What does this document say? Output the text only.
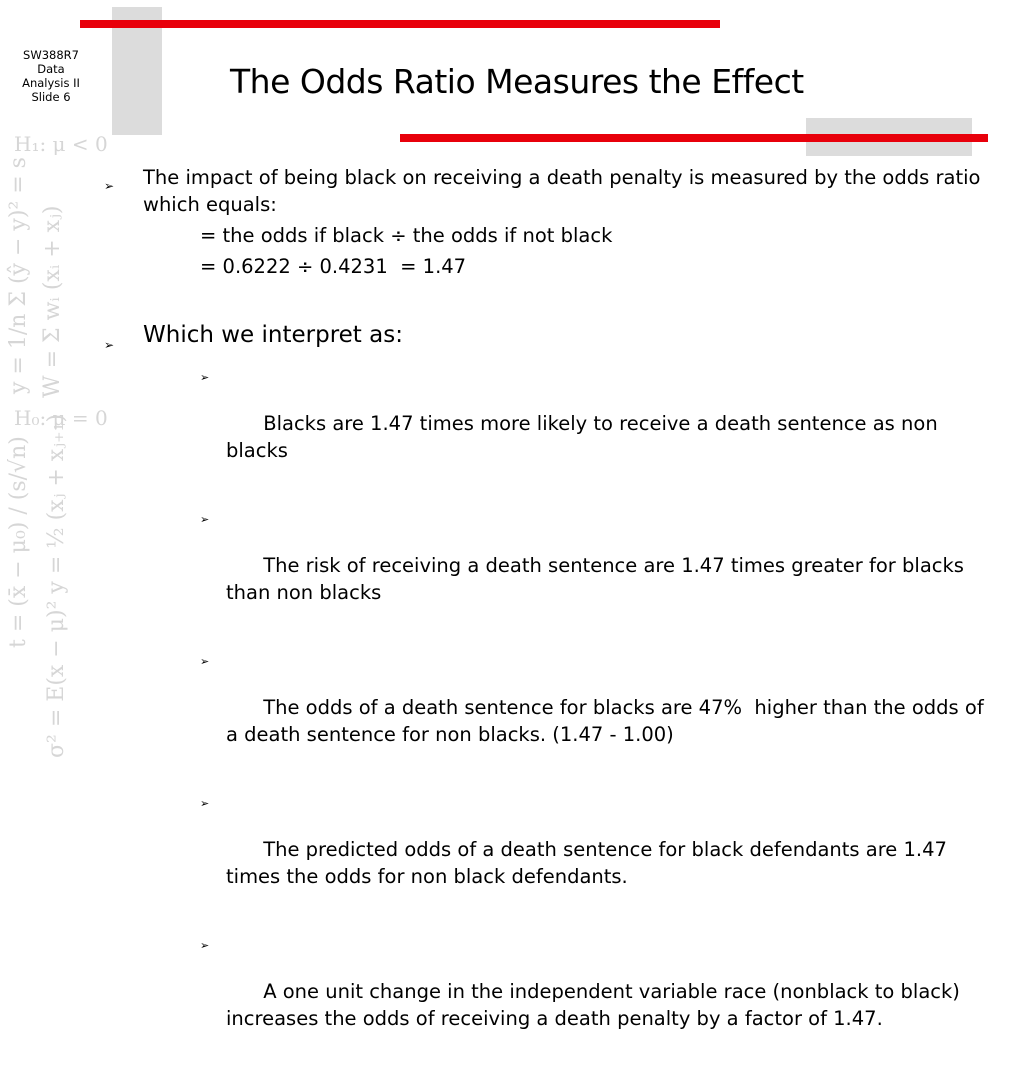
H₁: μ < 0
y = 1/n Σ (ŷ − y)² = s W = Σ wᵢ (xᵢ + xⱼ)
H₀: μ = 0
t = (x̄ − μ₀) / (s/√n) σ² = E(x − μ)² y = ½ (xⱼ + xⱼ₊₁)
SW388R7
Data
Analysis II
Slide 6	The Odds Ratio Measures the Effect
➢ The impact of being black on receiving a death penalty is measured by the odds ratio which equals:
= the odds if black ÷ the odds if not black
= 0.6222 ÷ 0.4231  = 1.47
➢ Which we interpret as:

➢

Blacks are 1.47 times more likely to receive a death sentence as non blacks

➢

The risk of receiving a death sentence are 1.47 times greater for blacks than non blacks

➢

The odds of a death sentence for blacks are 47%  higher than the odds of a death sentence for non blacks. (1.47 - 1.00)

➢

The predicted odds of a death sentence for black defendants are 1.47 times the odds for non black defendants.

➢

A one unit change in the independent variable race (nonblack to black) increases the odds of receiving a death penalty by a factor of 1.47.
